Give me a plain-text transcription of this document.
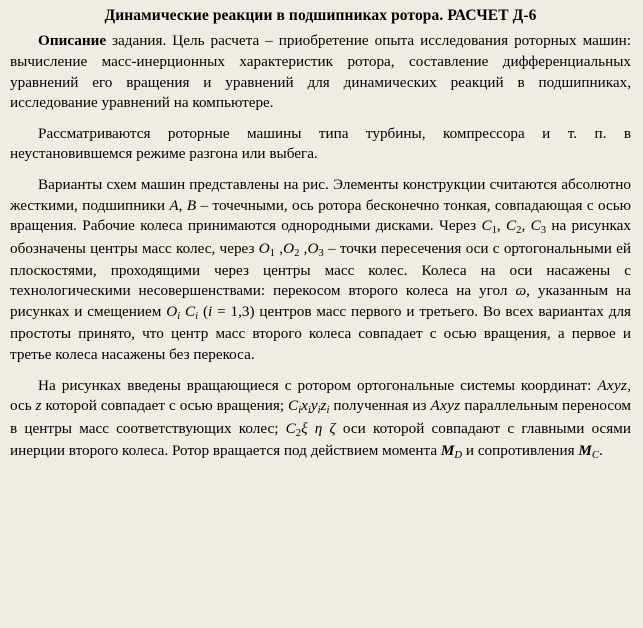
Динамические реакции в подшипниках ротора. РАСЧЕТ Д-6

Описание задания. Цель расчета – приобретение опыта исследования роторных машин: вычисление масс-инерционных характеристик ротора, составление дифференциальных уравнений его вращения и уравнений для динамических реакций в подшипниках, исследование уравнений на компьютере.

Рассматриваются роторные машины типа турбины, компрессора и т. п. в неустановившемся режиме разгона или выбега.

Варианты схем машин представлены на рис. Элементы конструкции считаются абсолютно жесткими, подшипники A, B – точечными, ось ротора бесконечно тонкая, совпадающая с осью вращения. Рабочие колеса принимаются однородными дисками. Через $C_1$, $C_2$, $C_3$ на рисунках обозначены центры масс колес, через $O_1$ $,O_2$ $,O_3$ – точки пересечения оси с ортогональными ей плоскостями, проходящими через центры масс колес. Колеса на оси насажены с технологическими несовершенствами: перекосом второго колеса на угол ɷ, указанным на рисунках и смещением $O_i$ $C_i$ (i = 1,3) центров масс первого и третьего. Во всех вариантах для простоты принято, что центр масс второго колеса совпадает с осью вращения, а первое и третье колеса насажены без перекоса.

На рисунках введены вращающиеся с ротором ортогональные системы координат: Axyz, ось z которой совпадает с осью вращения; $C_ix_iy_iz_i$ полученная из Axyz параллельным переносом в центры масс соответствующих колес; $C_2\xi$ η ζ оси которой совпадают с главными осями инерции второго колеса. Ротор вращается под действием момента $M_D$ и сопротивления $M_C$.
